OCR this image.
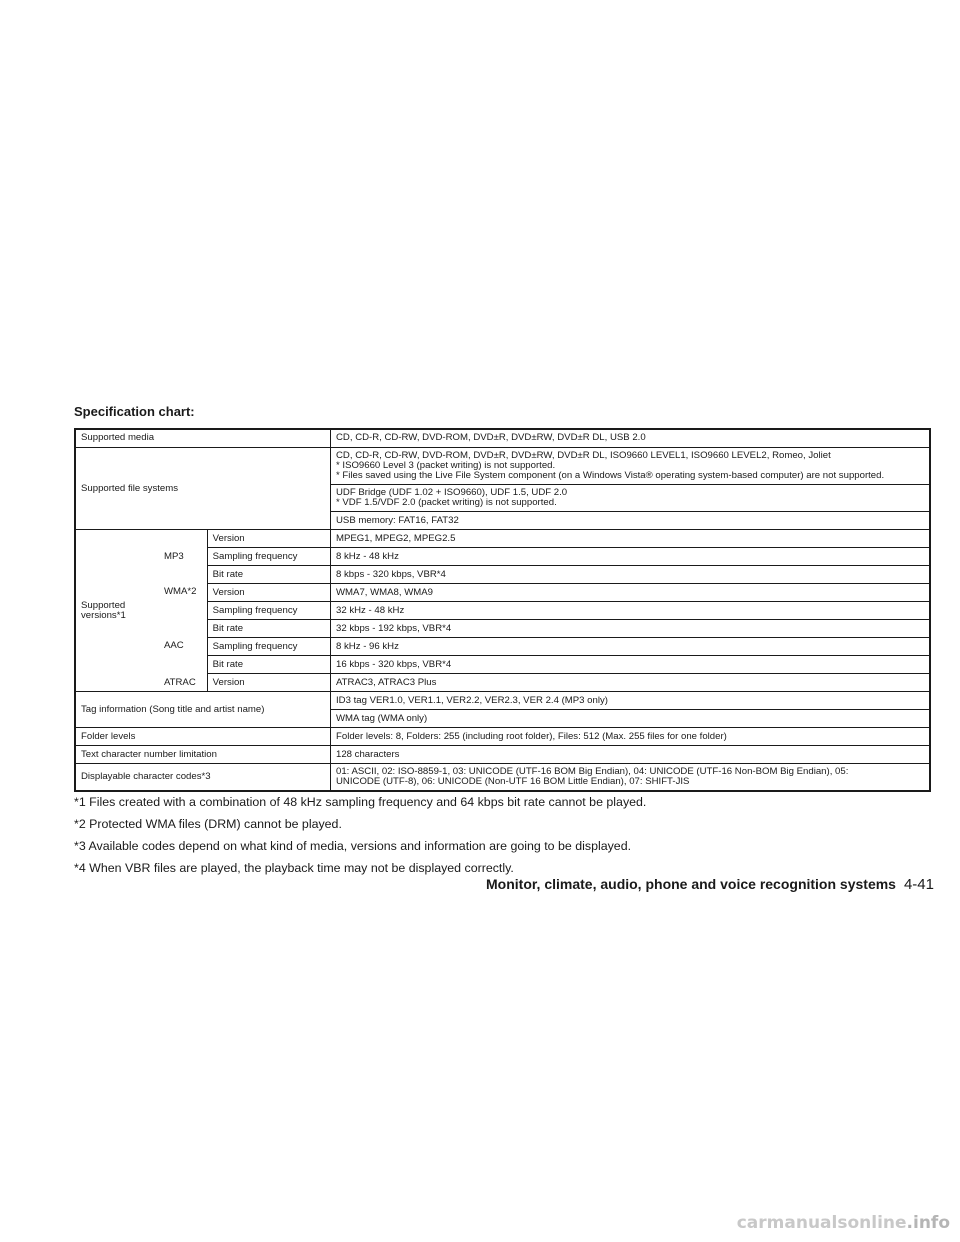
Specification chart:
Supported media			CD, CD-R, CD-RW, DVD-ROM, DVD±R, DVD±RW, DVD±R DL, USB 2.0
Supported file systems			CD, CD-R, CD-RW, DVD-ROM, DVD±R, DVD±RW, DVD±R DL, ISO9660 LEVEL1, ISO9660 LEVEL2, Romeo, Joliet
* ISO9660 Level 3 (packet writing) is not supported.
* Files saved using the Live File System component (on a Windows Vista® operating system-based computer) are not supported.

			UDF Bridge (UDF 1.02 + ISO9660), UDF 1.5, UDF 2.0
* VDF 1.5/VDF 2.0 (packet writing) is not supported.

			USB memory: FAT16, FAT32

Supported
versions*1	MP3	Version	MPEG1, MPEG2, MPEG2.5
		Sampling frequency	8 kHz - 48 kHz
		Bit rate	8 kbps - 320 kbps, VBR*4
	WMA*2	Version	WMA7, WMA8, WMA9
		Sampling frequency	32 kHz - 48 kHz
		Bit rate	32 kbps - 192 kbps, VBR*4
	AAC	Sampling frequency	8 kHz - 96 kHz
		Bit rate	16 kbps - 320 kbps, VBR*4
	ATRAC	Version	ATRAC3, ATRAC3 Plus
Tag information (Song title and artist name)			ID3 tag VER1.0, VER1.1, VER2.2, VER2.3, VER 2.4 (MP3 only)
			WMA tag (WMA only)
Folder levels			Folder levels: 8, Folders: 255 (including root folder), Files: 512 (Max. 255 files for one folder)
Text character number limitation			128 characters
Displayable character codes*3			01: ASCII, 02: ISO-8859-1, 03: UNICODE (UTF-16 BOM Big Endian), 04: UNICODE (UTF-16 Non-BOM Big Endian), 05:
UNICODE (UTF-8), 06: UNICODE (Non-UTF 16 BOM Little Endian), 07: SHIFT-JIS

*1 Files created with a combination of 48 kHz sampling frequency and 64 kbps bit rate cannot be played.

*2 Protected WMA files (DRM) cannot be played.

*3 Available codes depend on what kind of media, versions and information are going to be displayed.

*4 When VBR files are played, the playback time may not be displayed correctly.

Monitor, climate, audio, phone and voice recognition systems 4-41
carmanualsonline.info
